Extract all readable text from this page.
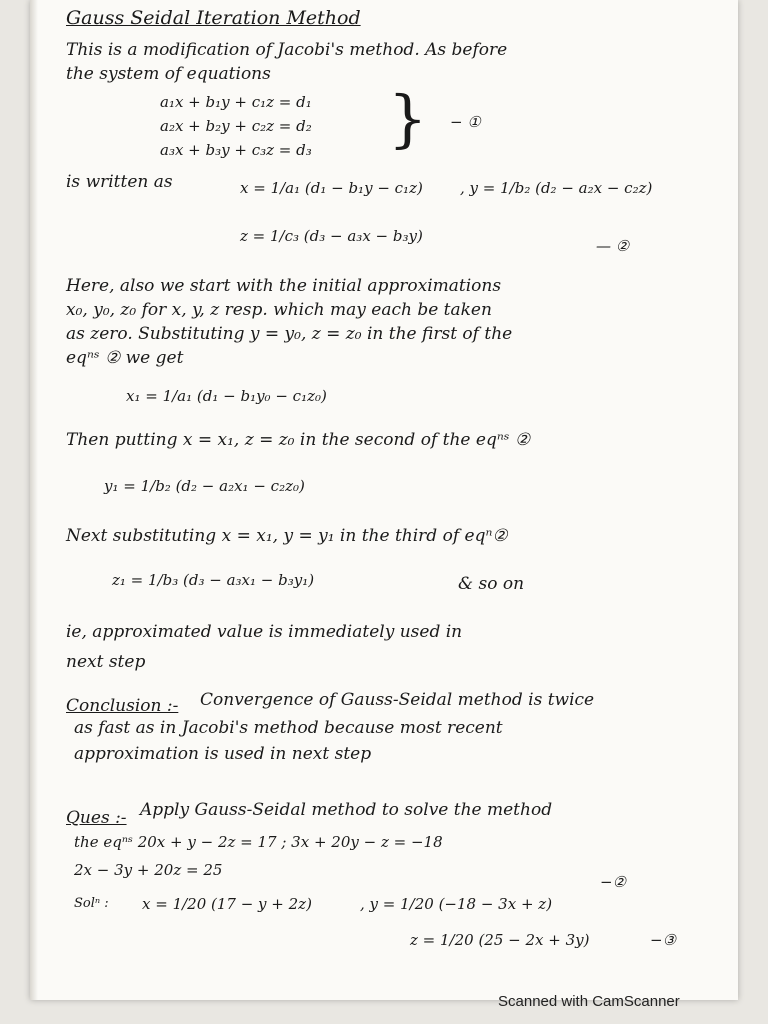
Gauss Seidal Iteration Method
This is a modification of Jacobi's method. As before
the system of equations
a₁x + b₁y + c₁z = d₁
a₂x + b₂y + c₂z = d₂
a₃x + b₃y + c₃z = d₃ } − ①
is written as	x = 1/a₁ (d₁ − b₁y − c₁z) , y = 1/b₂ (d₂ − a₂x − c₂z)
z = 1/c₃ (d₃ − a₃x − b₃y)
— ②
Here, also we start with the initial approximations
x₀, y₀, z₀ for x, y, z resp. which may each be taken
as zero. Substituting y = y₀, z = z₀ in the first of the
eqⁿˢ ② we get
x₁ = 1/a₁ (d₁ − b₁y₀ − c₁z₀)
Then putting x = x₁, z = z₀ in the second of the eqⁿˢ ②
y₁ = 1/b₂ (d₂ − a₂x₁ − c₂z₀)
Next substituting x = x₁, y = y₁ in the third of eqⁿ②
z₁ = 1/b₃ (d₃ − a₃x₁ − b₃y₁)	& so on
ie, approximated value is immediately used in
next step
Conclusion :- Convergence of Gauss-Seidal method is twice
as fast as in Jacobi's method because most recent
approximation is used in next step
Ques :- Apply Gauss-Seidal method to solve the method
the eqⁿˢ 20x + y − 2z = 17 ; 3x + 20y − z = −18
2x − 3y + 20z = 25
Solⁿ : x = 1/20 (17 − y + 2z)	, y = 1/20 (−18 − 3x + z)
−②
z = 1/20 (25 − 2x + 3y)	−③
Scanned with CamScanner
